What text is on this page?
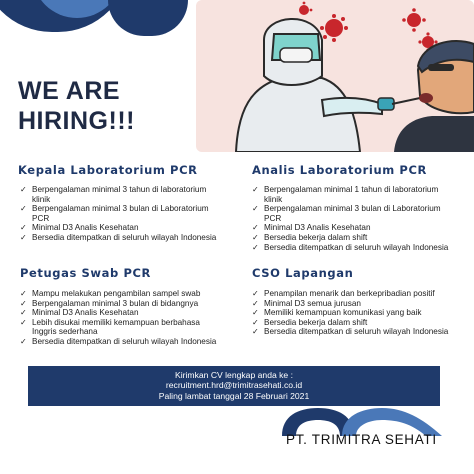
WE ARE
HIRING!!!
Kepala Laboratorium PCR
✓ Berpengalaman minimal 3 tahun di laboratorium klinik
✓ Berpengalaman minimal 3 bulan di Laboratorium PCR
✓ Minimal D3 Analis Kesehatan
✓ Bersedia ditempatkan di seluruh wilayah Indonesia
Analis Laboratorium PCR
✓ Berpengalaman minimal 1 tahun di laboratorium klinik
✓ Berpengalaman minimal 3 bulan di Laboratorium PCR
✓ Minimal D3 Analis Kesehatan
✓ Bersedia bekerja dalam shift
✓ Bersedia ditempatkan di seluruh wilayah Indonesia
Petugas Swab PCR
✓ Mampu melakukan pengambilan sampel swab
✓ Berpengalaman minimal 3 bulan di bidangnya
✓ Minimal D3 Analis Kesehatan
✓ Lebih disukai memiliki kemampuan berbahasa Inggris sederhana
✓ Bersedia ditempatkan di seluruh wilayah Indonesia
CSO Lapangan
✓ Penampilan menarik dan berkepribadian positif
✓ Minimal D3 semua jurusan
✓ Memiliki kemampuan komunikasi yang baik
✓ Bersedia bekerja dalam shift
✓ Bersedia ditempatkan di seluruh wilayah Indonesia
Kirimkan CV lengkap anda ke :
recruitment.hrd@trimitrasehati.co.id
Paling lambat tanggal 28 Februari 2021
PT. TRIMITRA SEHATI
